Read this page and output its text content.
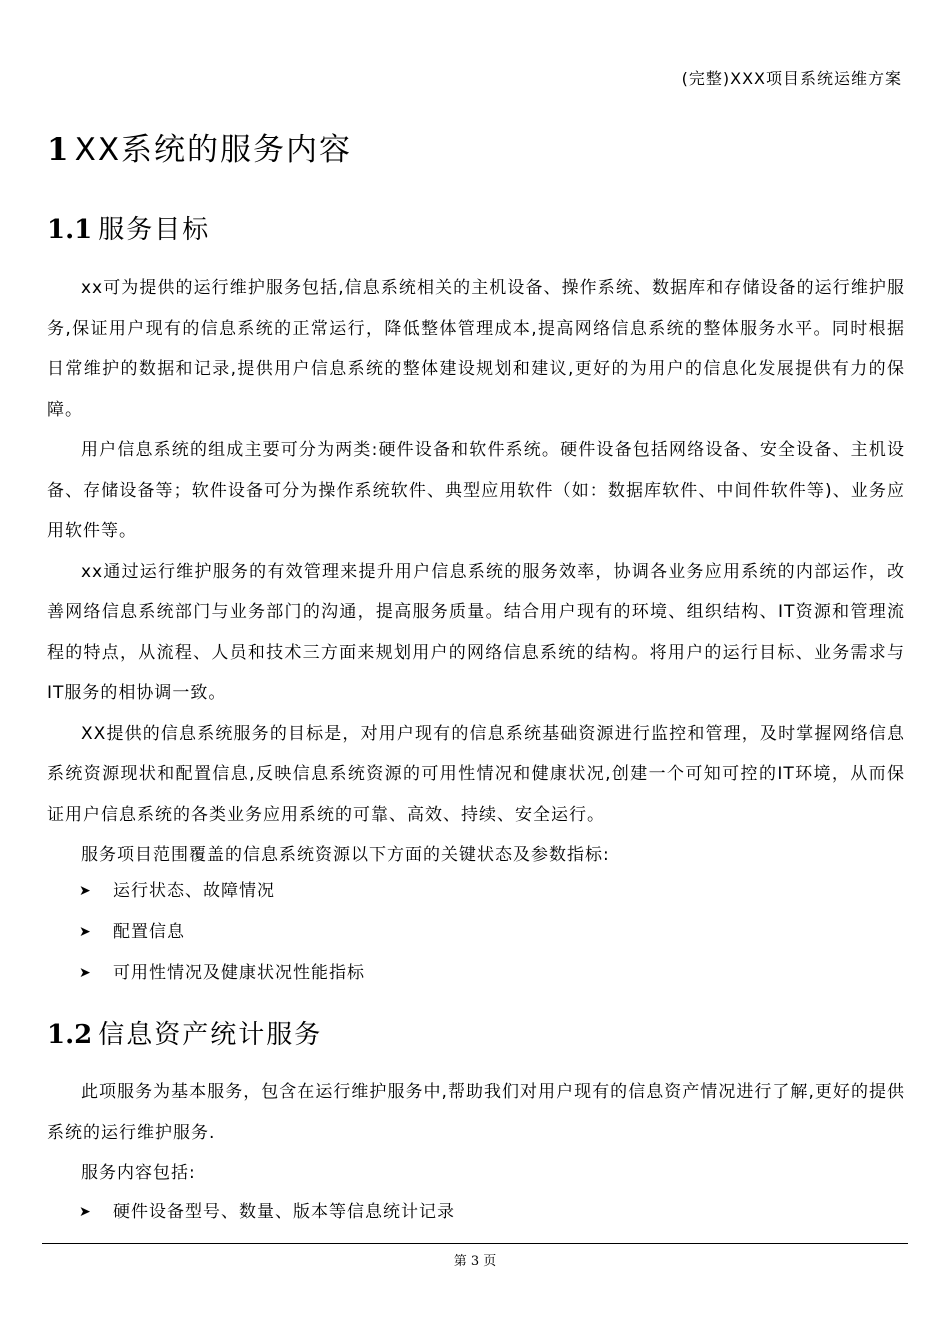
(完整)XXX项目系统运维方案
1 XX系统的服务内容
1.1 服务目标

xx可为提供的运行维护服务包括,信息系统相关的主机设备、操作系统、数据库和存储设备的运行维护服务,保证用户现有的信息系统的正常运行，降低整体管理成本,提高网络信息系统的整体服务水平。同时根据日常维护的数据和记录,提供用户信息系统的整体建设规划和建议,更好的为用户的信息化发展提供有力的保障。

用户信息系统的组成主要可分为两类:硬件设备和软件系统。硬件设备包括网络设备、安全设备、主机设备、存储设备等；软件设备可分为操作系统软件、典型应用软件（如：数据库软件、中间件软件等)、业务应用软件等。

xx通过运行维护服务的有效管理来提升用户信息系统的服务效率，协调各业务应用系统的内部运作，改善网络信息系统部门与业务部门的沟通，提高服务质量。结合用户现有的环境、组织结构、IT资源和管理流程的特点，从流程、人员和技术三方面来规划用户的网络信息系统的结构。将用户的运行目标、业务需求与IT服务的相协调一致。

XX提供的信息系统服务的目标是，对用户现有的信息系统基础资源进行监控和管理，及时掌握网络信息系统资源现状和配置信息,反映信息系统资源的可用性情况和健康状况,创建一个可知可控的IT环境，从而保证用户信息系统的各类业务应用系统的可靠、高效、持续、安全运行。

服务项目范围覆盖的信息系统资源以下方面的关键状态及参数指标:

➤ 运行状态、故障情况
➤ 配置信息
➤ 可用性情况及健康状况性能指标
1.2 信息资产统计服务

此项服务为基本服务，包含在运行维护服务中,帮助我们对用户现有的信息资产情况进行了解,更好的提供系统的运行维护服务.

服务内容包括:

➤ 硬件设备型号、数量、版本等信息统计记录
第 3 页
